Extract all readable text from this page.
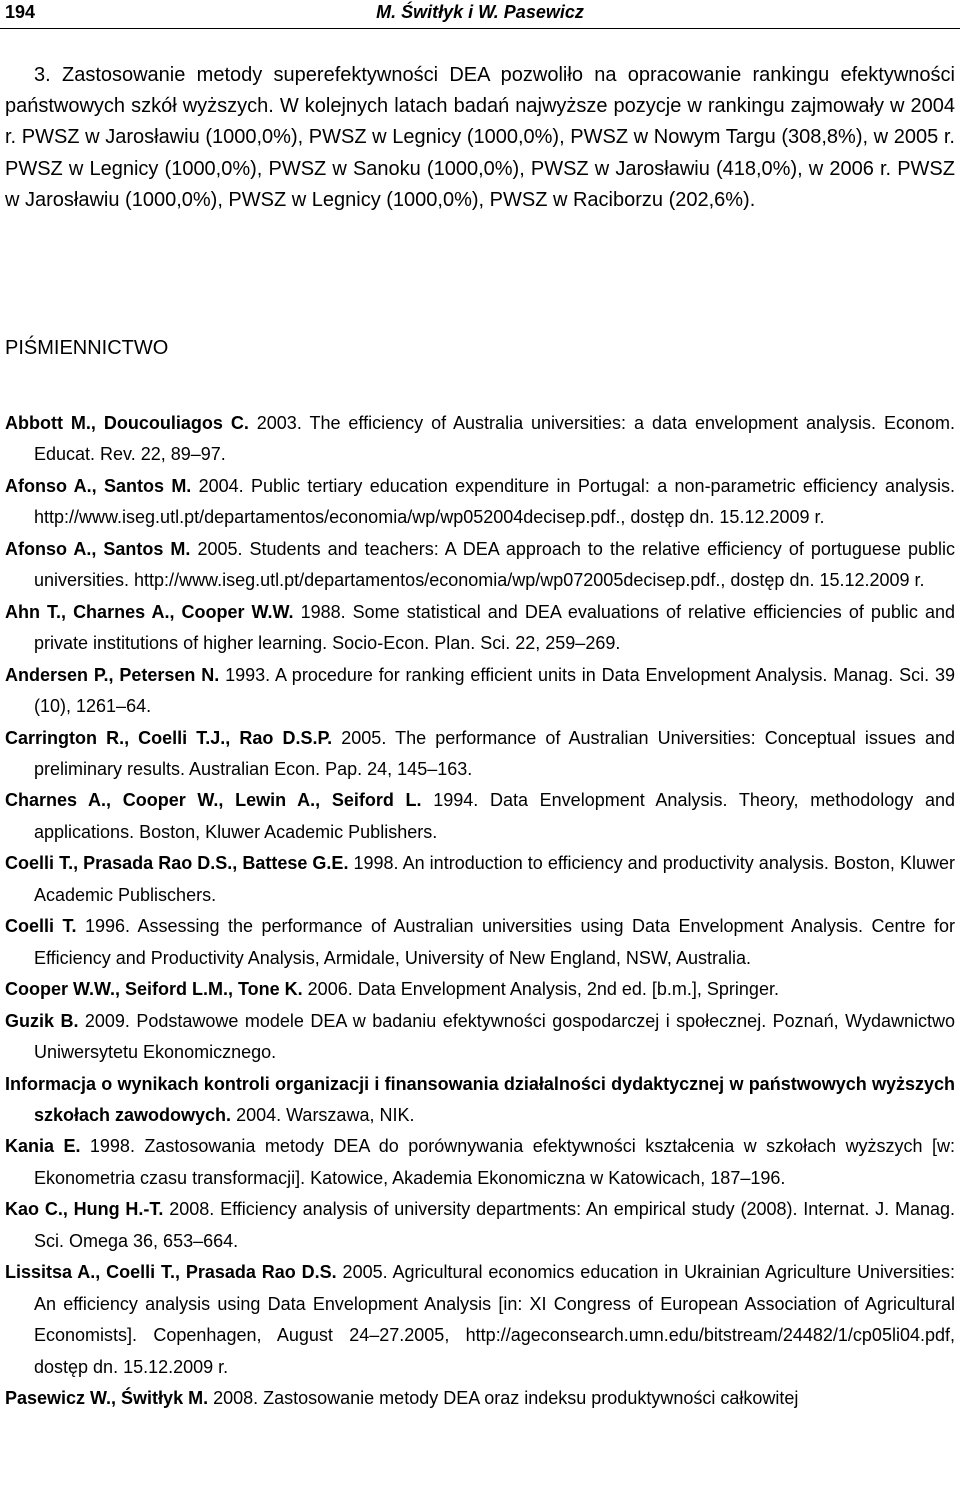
194	M. Świtłyk i W. Pasewicz

3. Zastosowanie metody superefektywności DEA pozwoliło na opracowanie rankingu efektywności państwowych szkół wyższych. W kolejnych latach badań najwyższe pozycje w rankingu zajmowały w 2004 r. PWSZ w Jarosławiu (1000,0%), PWSZ w Legnicy (1000,0%), PWSZ w Nowym Targu (308,8%), w 2005 r. PWSZ w Legnicy (1000,0%), PWSZ w Sanoku (1000,0%), PWSZ w Jarosławiu (418,0%), w 2006 r. PWSZ w Jarosławiu (1000,0%), PWSZ w Legnicy (1000,0%), PWSZ w Raciborzu (202,6%).

PIŚMIENNICTWO

Abbott M., Doucouliagos C. 2003. The efficiency of Australia universities: a data envelopment analysis. Econom. Educat. Rev. 22, 89–97.

Afonso A., Santos M. 2004. Public tertiary education expenditure in Portugal: a non-parametric efficiency analysis. http://www.iseg.utl.pt/departamentos/economia/wp/wp052004decisep.pdf., dostęp dn. 15.12.2009 r.

Afonso A., Santos M. 2005. Students and teachers: A DEA approach to the relative efficiency of portuguese public universities. http://www.iseg.utl.pt/departamentos/economia/wp/wp072005decisep.pdf., dostęp dn. 15.12.2009 r.

Ahn T., Charnes A., Cooper W.W. 1988. Some statistical and DEA evaluations of relative efficiencies of public and private institutions of higher learning. Socio-Econ. Plan. Sci. 22, 259–269.

Andersen P., Petersen N. 1993. A procedure for ranking efficient units in Data Envelopment Analysis. Manag. Sci. 39 (10), 1261–64.

Carrington R., Coelli T.J., Rao D.S.P. 2005. The performance of Australian Universities: Conceptual issues and preliminary results. Australian Econ. Pap. 24, 145–163.

Charnes A., Cooper W., Lewin A., Seiford L. 1994. Data Envelopment Analysis. Theory, methodology and applications. Boston, Kluwer Academic Publishers.

Coelli T., Prasada Rao D.S., Battese G.E. 1998. An introduction to efficiency and productivity analysis. Boston, Kluwer Academic Publischers.

Coelli T. 1996. Assessing the performance of Australian universities using Data Envelopment Analysis. Centre for Efficiency and Productivity Analysis, Armidale, University of New England, NSW, Australia.

Cooper W.W., Seiford L.M., Tone K. 2006. Data Envelopment Analysis, 2nd ed. [b.m.], Springer.

Guzik B. 2009. Podstawowe modele DEA w badaniu efektywności gospodarczej i społecznej. Poznań, Wydawnictwo Uniwersytetu Ekonomicznego.

Informacja o wynikach kontroli organizacji i finansowania działalności dydaktycznej w państwowych wyższych szkołach zawodowych. 2004. Warszawa, NIK.

Kania E. 1998. Zastosowania metody DEA do porównywania efektywności kształcenia w szkołach wyższych [w: Ekonometria czasu transformacji]. Katowice, Akademia Ekonomiczna w Katowicach, 187–196.

Kao C., Hung H.-T. 2008. Efficiency analysis of university departments: An empirical study (2008). Internat. J. Manag. Sci. Omega 36, 653–664.

Lissitsa A., Coelli T., Prasada Rao D.S. 2005. Agricultural economics education in Ukrainian Agriculture Universities: An efficiency analysis using Data Envelopment Analysis [in: XI Congress of European Association of Agricultural Economists]. Copenhagen, August 24–27.2005, http://ageconsearch.umn.edu/bitstream/24482/1/cp05li04.pdf, dostęp dn. 15.12.2009 r.

Pasewicz W., Świtłyk M. 2008. Zastosowanie metody DEA oraz indeksu produktywności całkowitej
